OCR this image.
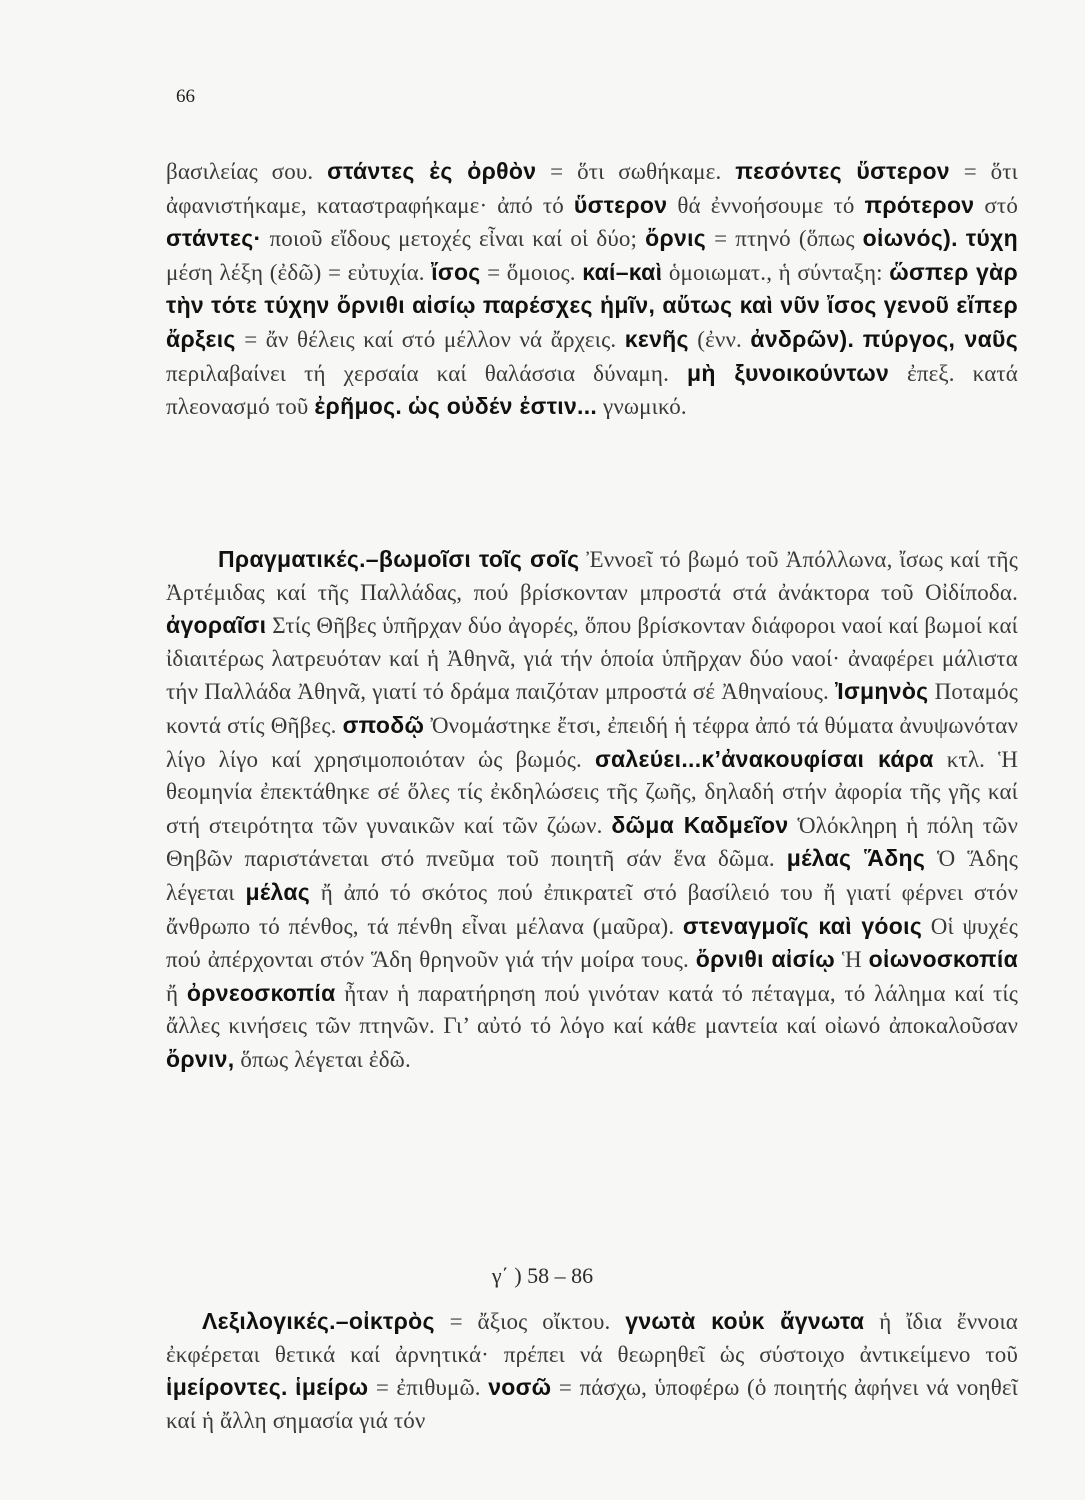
66

βασιλείας σου. στάντες ἐς ὀρθὸν = ὅτι σωθήκαμε. πεσόντες ὕστερον = ὅτι ἀφανιστήκαμε, καταστραφήκαμε· ἀπό τό ὕστερον θά ἐννοήσουμε τό πρότερον στό στάντες· ποιοῦ εἴδους μετοχές εἶναι καί οἱ δύο; ὄρνις = πτηνό (ὅπως οἰωνός). τύχη μέση λέξη (ἐδῶ) = εὐτυχία. ἴσος = ὅμοιος. καί–καὶ ὁμοιωματ., ἡ σύνταξη: ὥσπερ γὰρ τὴν τότε τύχην ὄρνιθι αἰσίῳ παρέσχες ἡμῖν, αὔτως καὶ νῦν ἴσος γενοῦ εἴπερ ἄρξεις = ἄν θέλεις καί στό μέλλον νά ἄρχεις. κενῆς (ἐνν. ἀνδρῶν). πύργος, ναῦς περιλαβαίνει τή χερσαία καί θαλάσσια δύναμη. μὴ ξυνοικούντων ἐπεξ. κατά πλεονασμό τοῦ ἐρῆμος. ὡς οὐδέν ἐστιν... γνωμικό.

Πραγματικές.–βωμοῖσι τοῖς σοῖς Ἐννοεῖ τό βωμό τοῦ Ἀπόλλωνα, ἴσως καί τῆς Ἀρτέμιδας καί τῆς Παλλάδας, πού βρίσκονταν μπροστά στά ἀνάκτορα τοῦ Οἰδίποδα. ἀγοραῖσι Στίς Θῆβες ὑπῆρχαν δύο ἀγορές, ὅπου βρίσκονταν διάφοροι ναοί καί βωμοί καί ἰδιαιτέρως λατρευόταν καί ἡ Ἀθηνᾶ, γιά τήν ὁποία ὑπῆρχαν δύο ναοί· ἀναφέρει μάλιστα τήν Παλλάδα Ἀθηνᾶ, γιατί τό δράμα παιζόταν μπροστά σέ Ἀθηναίους. Ἰσμηνὸς Ποταμός κοντά στίς Θῆβες. σποδῷ Ὀνομάστηκε ἔτσι, ἐπειδή ἡ τέφρα ἀπό τά θύματα ἀνυψωνόταν λίγο λίγο καί χρησιμοποιόταν ὡς βωμός. σαλεύει...κ’ἀνακουφίσαι κάρα κτλ. Ἡ θεομηνία ἐπεκτάθηκε σέ ὅλες τίς ἐκδηλώσεις τῆς ζωῆς, δηλαδή στήν ἀφορία τῆς γῆς καί στή στειρότητα τῶν γυναικῶν καί τῶν ζώων. δῶμα Καδμεῖον Ὁλόκληρη ἡ πόλη τῶν Θηβῶν παριστάνεται στό πνεῦμα τοῦ ποιητῆ σάν ἕνα δῶμα. μέλας Ἅδης Ὁ Ἅδης λέγεται μέλας ἤ ἀπό τό σκότος πού ἐπικρατεῖ στό βασίλειό του ἤ γιατί φέρνει στόν ἄνθρωπο τό πένθος, τά πένθη εἶναι μέλανα (μαῦρα). στεναγμοῖς καὶ γόοις Οἱ ψυχές πού ἀπέρχονται στόν Ἅδη θρηνοῦν γιά τήν μοίρα τους. ὄρνιθι αἰσίῳ Ἡ οἰωνοσκοπία ἤ ὀρνεοσκοπία ἦταν ἡ παρατήρηση πού γινόταν κατά τό πέταγμα, τό λάλημα καί τίς ἄλλες κινήσεις τῶν πτηνῶν. Γι’ αὐτό τό λόγο καί κάθε μαντεία καί οἰωνό ἀποκαλοῦσαν ὄρνιν, ὅπως λέγεται ἐδῶ.

γ΄ ) 58 – 86

Λεξιλογικές.–οἰκτρὸς = ἄξιος οἴκτου. γνωτὰ κοὐκ ἄγνωτα ἡ ἴδια ἔννοια ἐκφέρεται θετικά καί ἀρνητικά· πρέπει νά θεωρηθεῖ ὡς σύστοιχο ἀντικείμενο τοῦ ἱμείροντες. ἱμείρω = ἐπιθυμῶ. νοσῶ = πάσχω, ὑποφέρω (ὁ ποιητής ἀφήνει νά νοηθεῖ καί ἡ ἄλλη σημασία γιά τόν
